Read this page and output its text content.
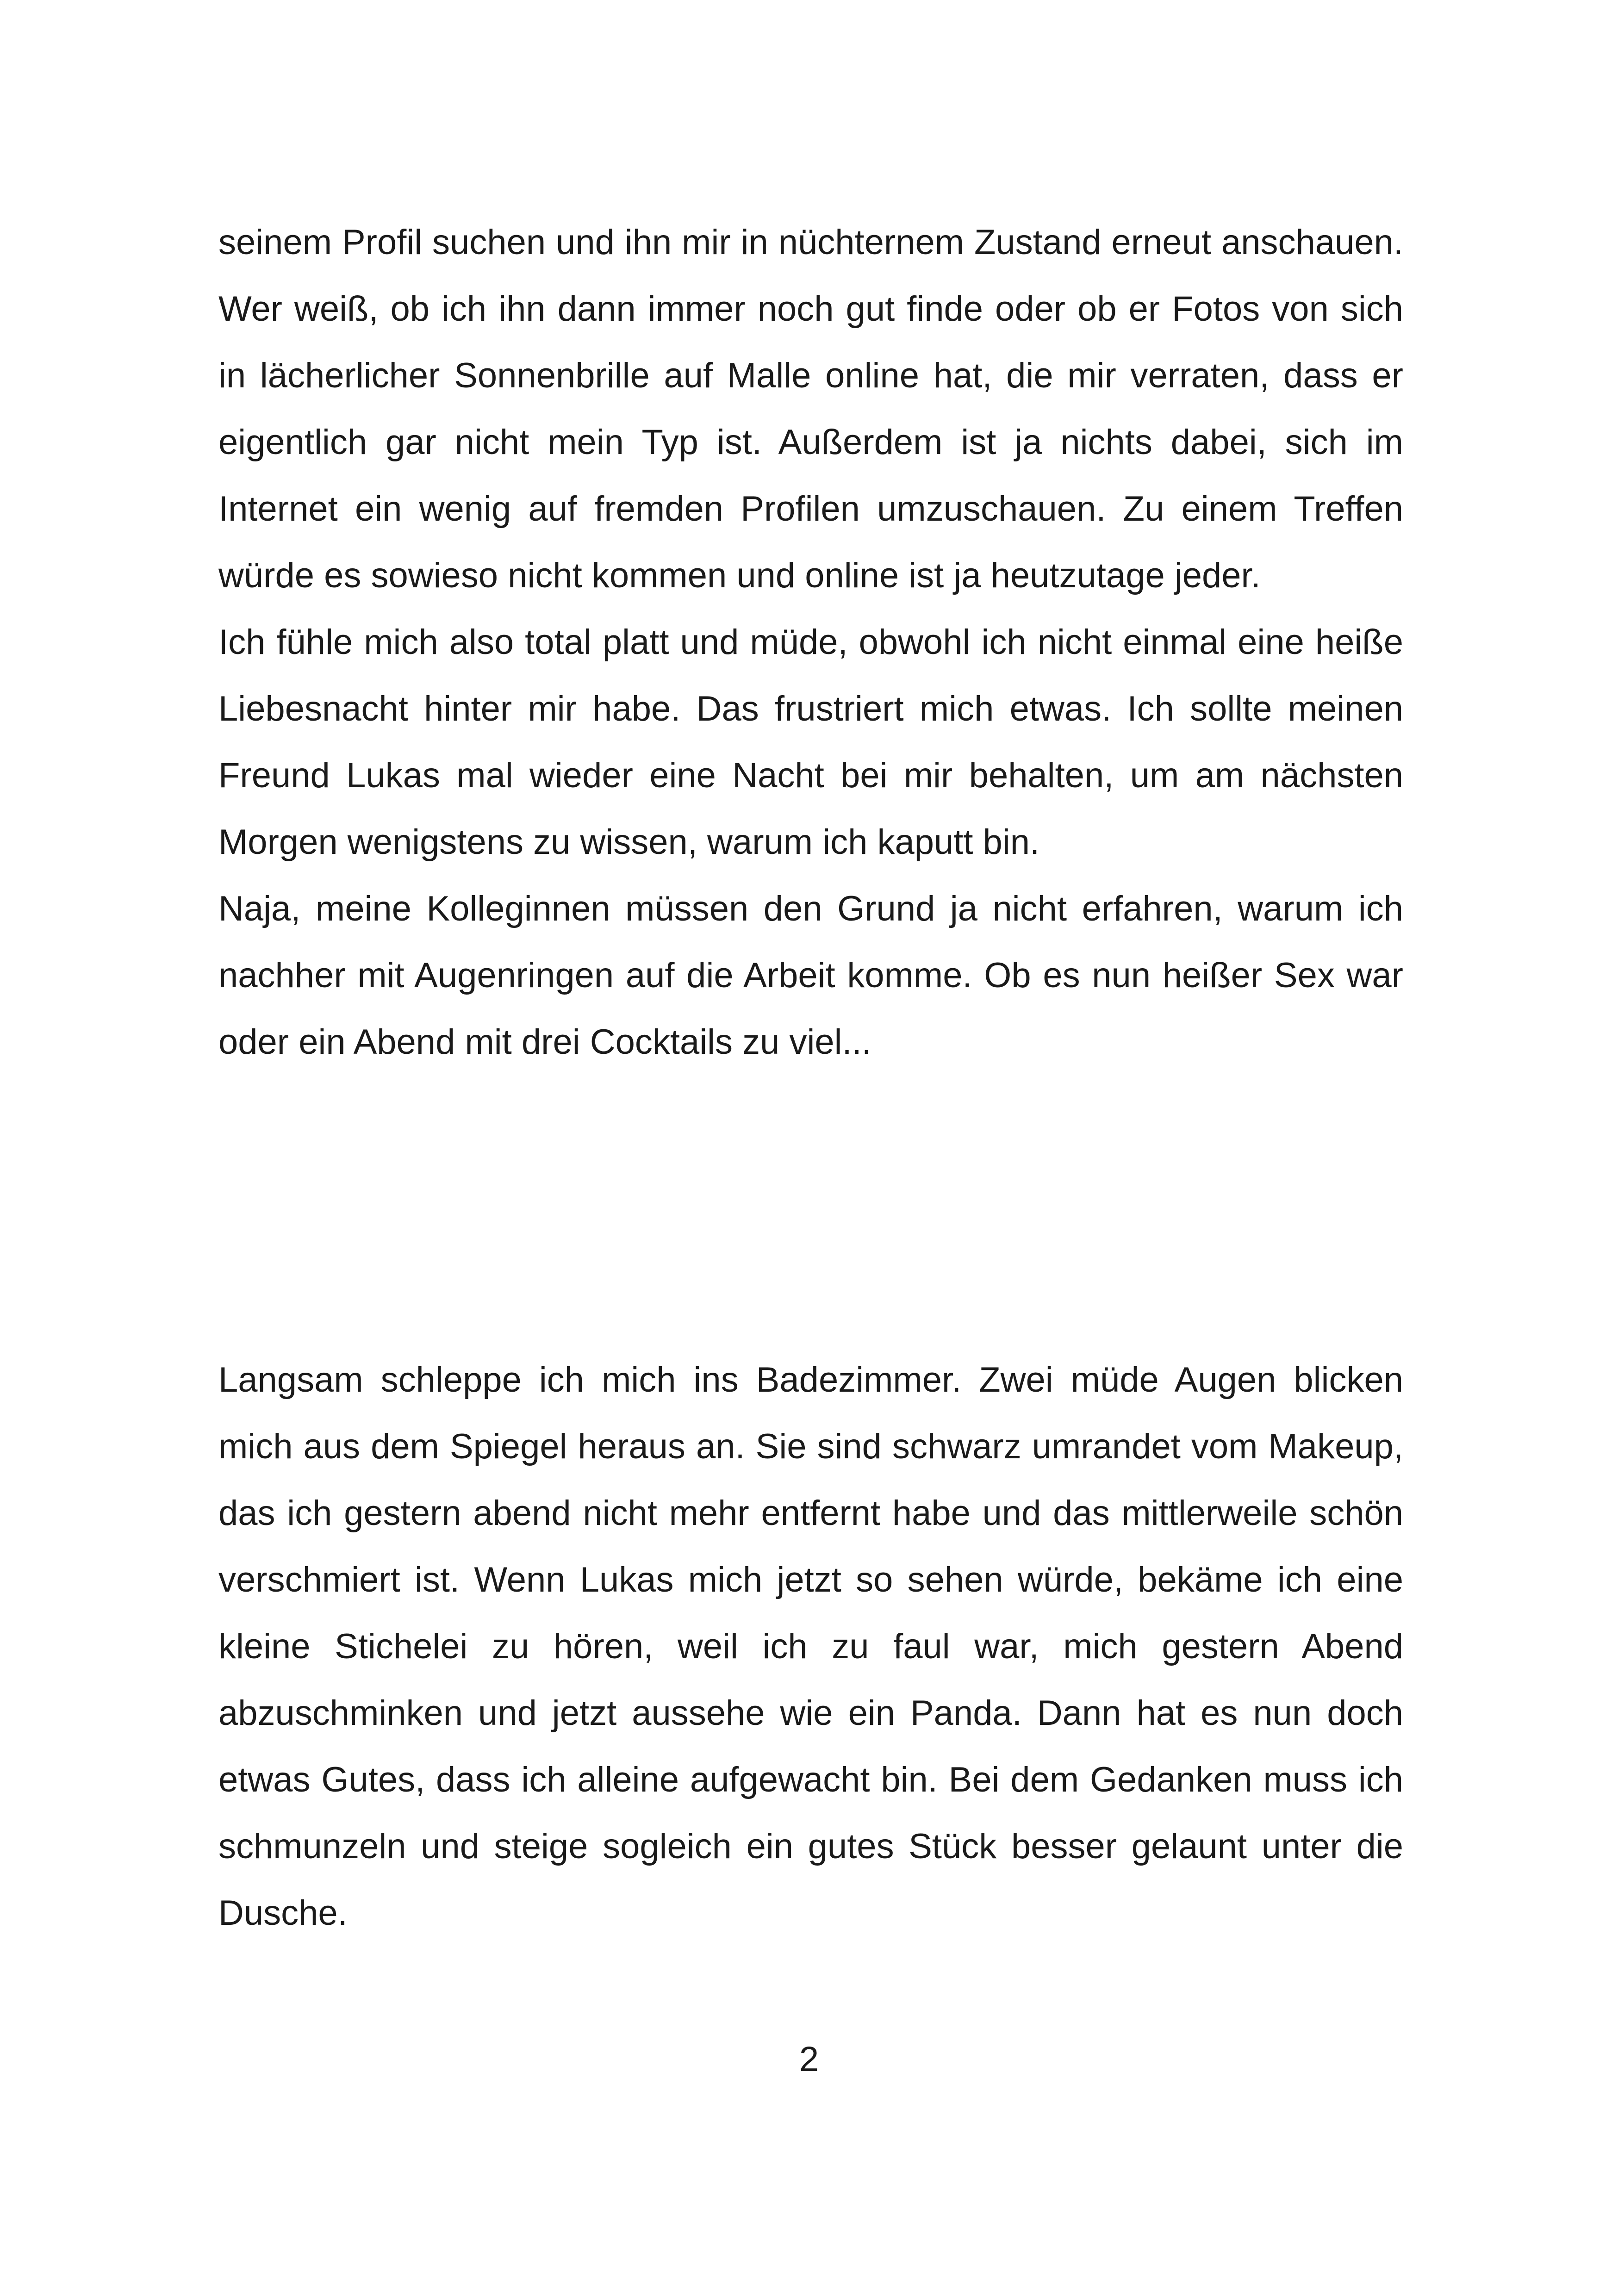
seinem Profil suchen und ihn mir in nüchternem Zustand erneut anschauen. Wer weiß, ob ich ihn dann immer noch gut finde oder ob er Fotos von sich in lächerlicher Sonnenbrille auf Malle online hat, die mir verraten, dass er eigentlich gar nicht mein Typ ist. Außerdem ist ja nichts dabei, sich im Internet ein wenig auf fremden Profilen umzuschauen. Zu einem Treffen würde es sowieso nicht kommen und online ist ja heutzutage jeder.

Ich fühle mich also total platt und müde, obwohl ich nicht einmal eine heiße Liebesnacht hinter mir habe. Das frustriert mich etwas. Ich sollte meinen Freund Lukas mal wieder eine Nacht bei mir behalten, um am nächsten Morgen wenigstens zu wissen, warum ich kaputt bin.

Naja, meine Kolleginnen müssen den Grund ja nicht erfahren, warum ich nachher mit Augenringen auf die Arbeit komme. Ob es nun heißer Sex war oder ein Abend mit drei Cocktails zu viel...

Langsam schleppe ich mich ins Badezimmer. Zwei müde Augen blicken mich aus dem Spiegel heraus an. Sie sind schwarz umrandet vom Makeup, das ich gestern abend nicht mehr entfernt habe und das mittlerweile schön verschmiert ist. Wenn Lukas mich jetzt so sehen würde, bekäme ich eine kleine Stichelei zu hören, weil ich zu faul war, mich gestern Abend abzuschminken und jetzt aussehe wie ein Panda. Dann hat es nun doch etwas Gutes, dass ich alleine aufgewacht bin. Bei dem Gedanken muss ich schmunzeln und steige sogleich ein gutes Stück besser gelaunt unter die Dusche.

2
